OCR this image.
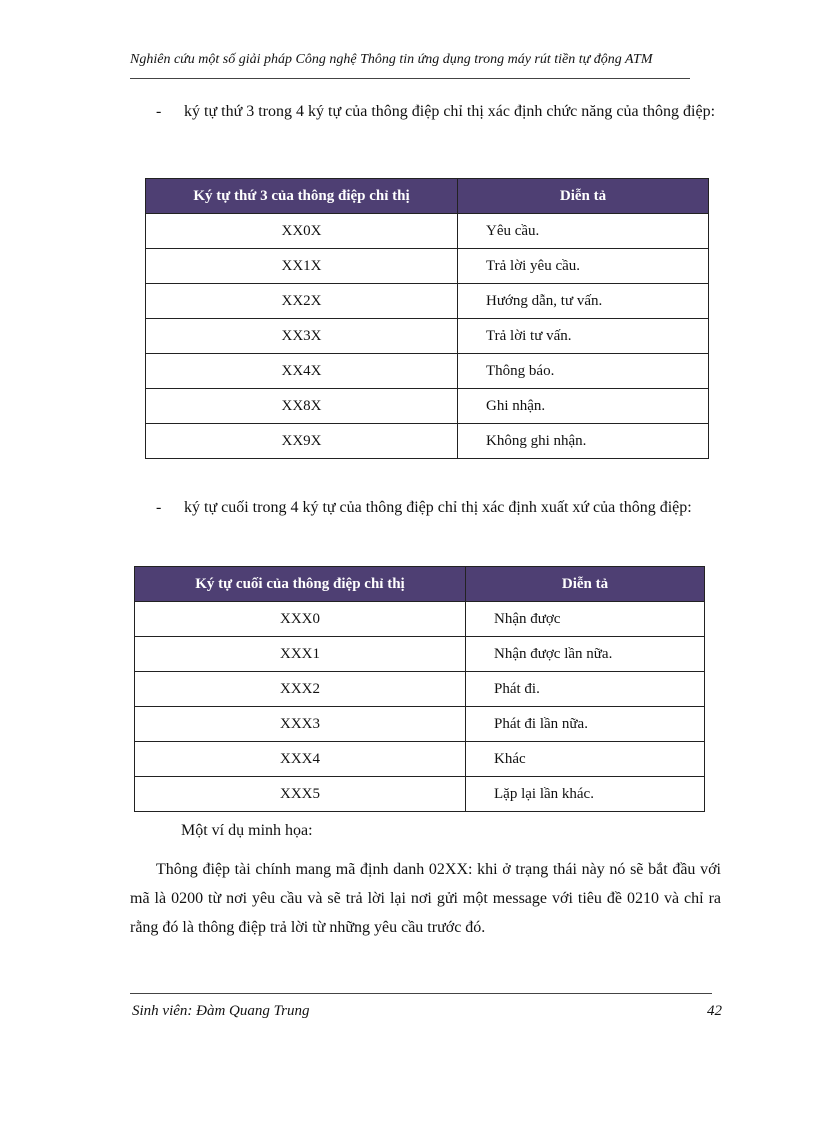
Nghiên cứu một số giải pháp Công nghệ Thông tin ứng dụng trong máy rút tiền tự động ATM
- ký tự thứ 3 trong 4 ký tự của thông điệp chỉ thị xác định chức năng của thông điệp:
Ký tự thứ 3 của thông điệp chỉ thị	Diễn tả
XX0X	Yêu cầu.
XX1X	Trả lời yêu cầu.
XX2X	Hướng dẫn, tư vấn.
XX3X	Trả lời tư vấn.
XX4X	Thông báo.
XX8X	Ghi nhận.
XX9X	Không ghi nhận.
- ký tự cuối trong 4 ký tự của thông điệp chỉ thị xác định xuất xứ của thông điệp:
Ký tự cuối của thông điệp chỉ thị	Diễn tả
XXX0	Nhận được
XXX1	Nhận được lần nữa.
XXX2	Phát đi.
XXX3	Phát đi lần nữa.
XXX4	Khác
XXX5	Lặp lại lần khác.
Một ví dụ minh họa:
Thông điệp tài chính mang mã định danh 02XX: khi ở trạng thái này nó sẽ bắt đầu với mã là 0200 từ nơi yêu cầu và sẽ trả lời lại nơi gửi một message với tiêu đề 0210 và chỉ ra rằng đó là thông điệp trả lời từ những yêu cầu trước đó.
Sinh viên: Đàm Quang Trung	42
